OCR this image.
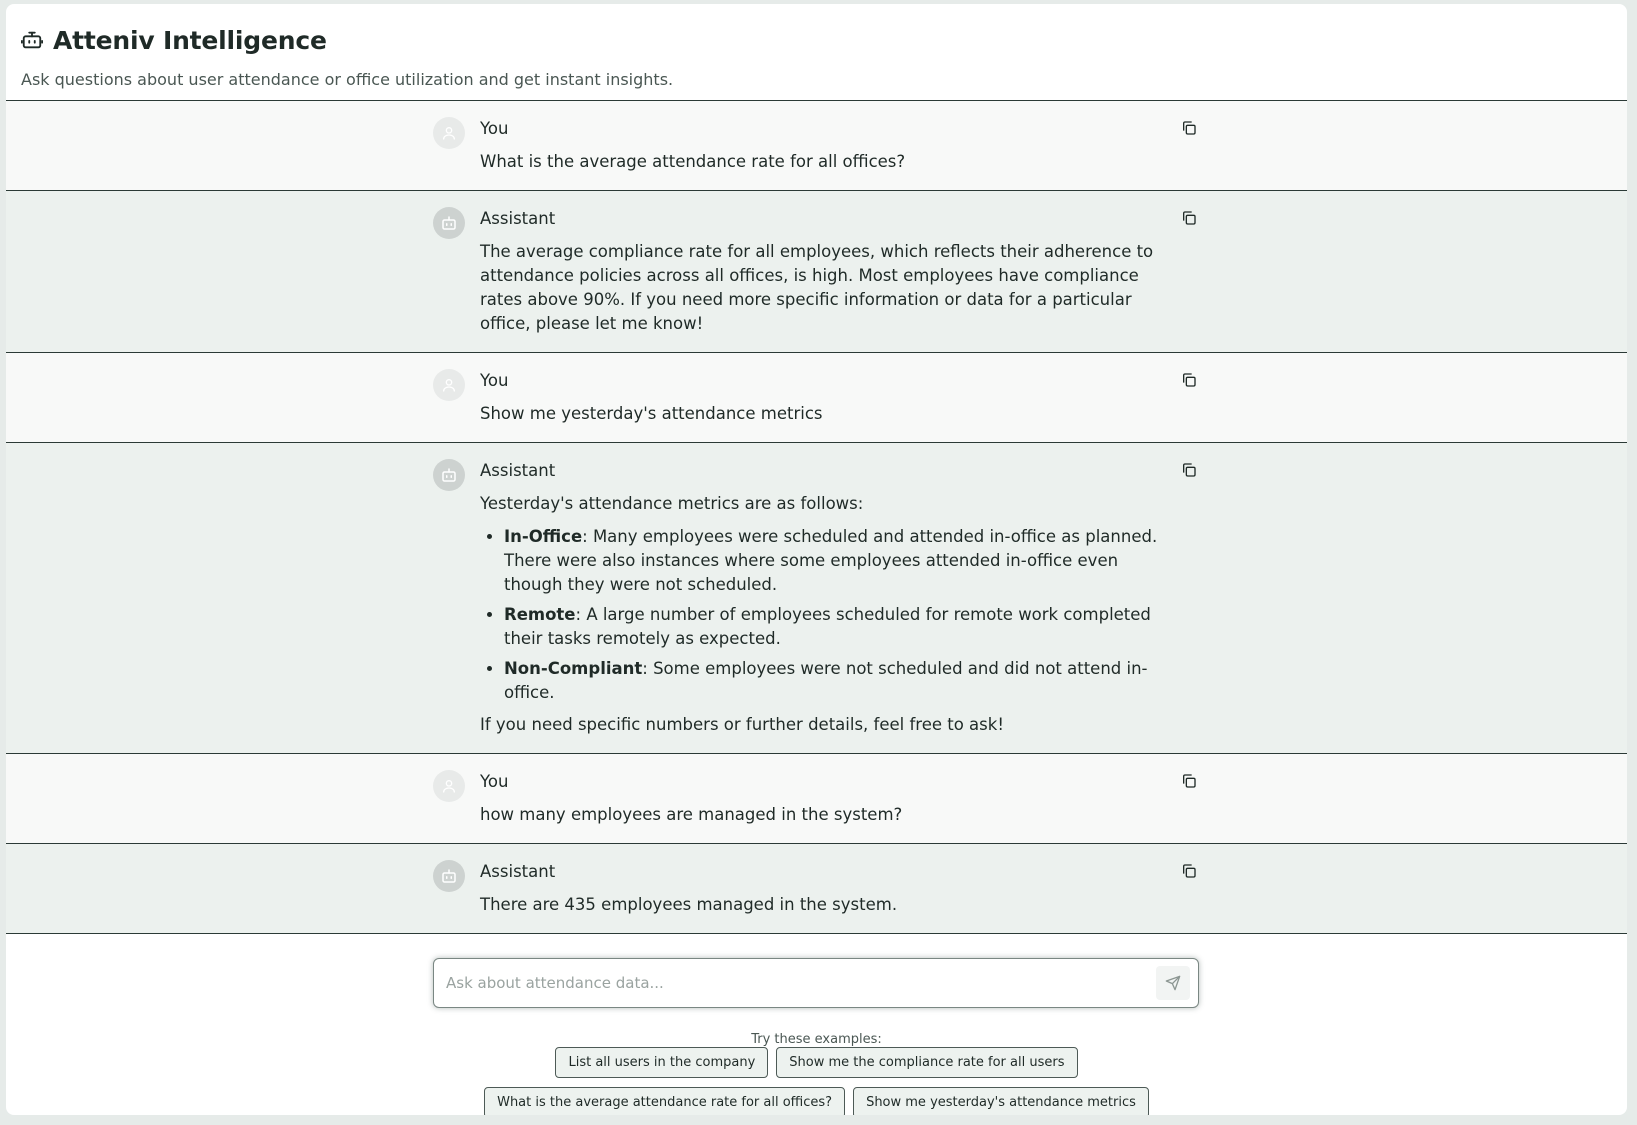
Atteniv Intelligence

Ask questions about user attendance or office utilization and get instant insights.

You
What is the average attendance rate for all offices?
Assistant
The average compliance rate for all employees, which reflects their adherence to attendance policies across all offices, is high. Most employees have compliance rates above 90%. If you need more specific information or data for a particular office, please let me know!
You
Show me yesterday's attendance metrics
Assistant
Yesterday's attendance metrics are as follows:
• In-Office: Many employees were scheduled and attended in-office as planned. There were also instances where some employees attended in-office even though they were not scheduled.
• Remote: A large number of employees scheduled for remote work completed their tasks remotely as expected.
• Non-Compliant: Some employees were not scheduled and did not attend in-office.
If you need specific numbers or further details, feel free to ask!
You
how many employees are managed in the system?
Assistant
There are 435 employees managed in the system.
Ask about attendance data...
Try these examples:
List all users in the company	Show me the compliance rate for all users
What is the average attendance rate for all offices?	Show me yesterday's attendance metrics
